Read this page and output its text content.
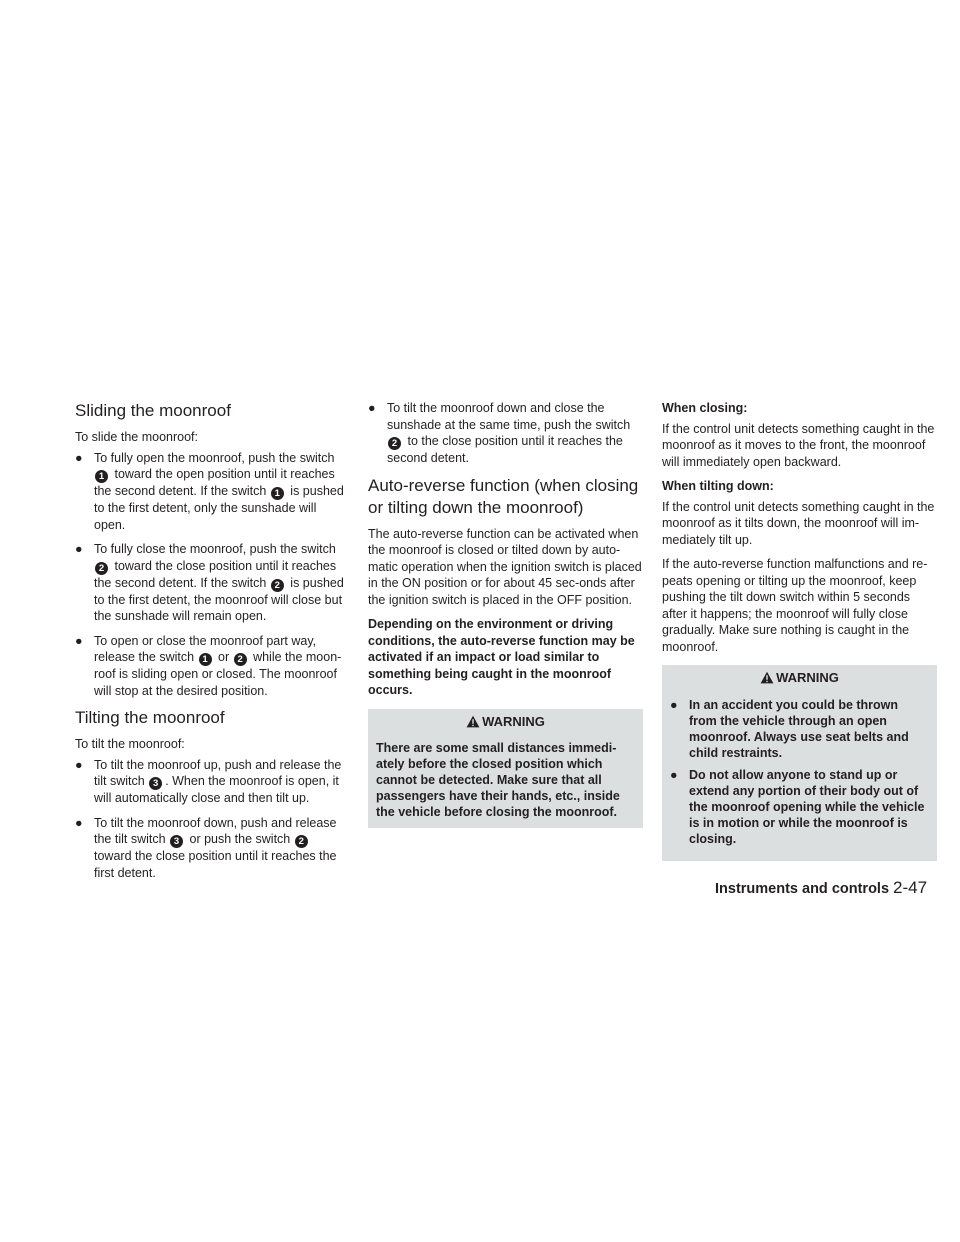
Sliding the moonroof

To slide the moonroof:

● To fully open the moonroof, push the switch 1 toward the open position until it reaches the second detent. If the switch 1 is pushed to the first detent, only the sunshade will open.
● To fully close the moonroof, push the switch 2 toward the close position until it reaches the second detent. If the switch 2 is pushed to the first detent, the moonroof will close but the sunshade will remain open.
● To open or close the moonroof part way, release the switch 1 or 2 while the moon-roof is sliding open or closed. The moonroof will stop at the desired position.
Tilting the moonroof

To tilt the moonroof:

● To tilt the moonroof up, push and release the tilt switch 3 . When the moonroof is open, it will automatically close and then tilt up.
● To tilt the moonroof down, push and release the tilt switch 3 or push the switch 2 toward the close position until it reaches the first detent.
● To tilt the moonroof down and close the sunshade at the same time, push the switch 2 to the close position until it reaches the second detent.
Auto-reverse function (when closing or tilting down the moonroof)

The auto-reverse function can be activated when the moonroof is closed or tilted down by auto-matic operation when the ignition switch is placed in the ON position or for about 45 sec-onds after the ignition switch is placed in the OFF position.

Depending on the environment or driving conditions, the auto-reverse function may be activated if an impact or load similar to something being caught in the moonroof occurs.

WARNING
There are some small distances immedi-ately before the closed position which cannot be detected. Make sure that all passengers have their hands, etc., inside the vehicle before closing the moonroof.

When closing:

If the control unit detects something caught in the moonroof as it moves to the front, the moonroof will immediately open backward.

When tilting down:

If the control unit detects something caught in the moonroof as it tilts down, the moonroof will im-mediately tilt up.

If the auto-reverse function malfunctions and re-peats opening or tilting up the moonroof, keep pushing the tilt down switch within 5 seconds after it happens; the moonroof will fully close gradually. Make sure nothing is caught in the moonroof.

WARNING
● In an accident you could be thrown from the vehicle through an open moonroof. Always use seat belts and child restraints.
● Do not allow anyone to stand up or extend any portion of their body out of the moonroof opening while the vehicle is in motion or while the moonroof is closing.
Instruments and controls 2-47
